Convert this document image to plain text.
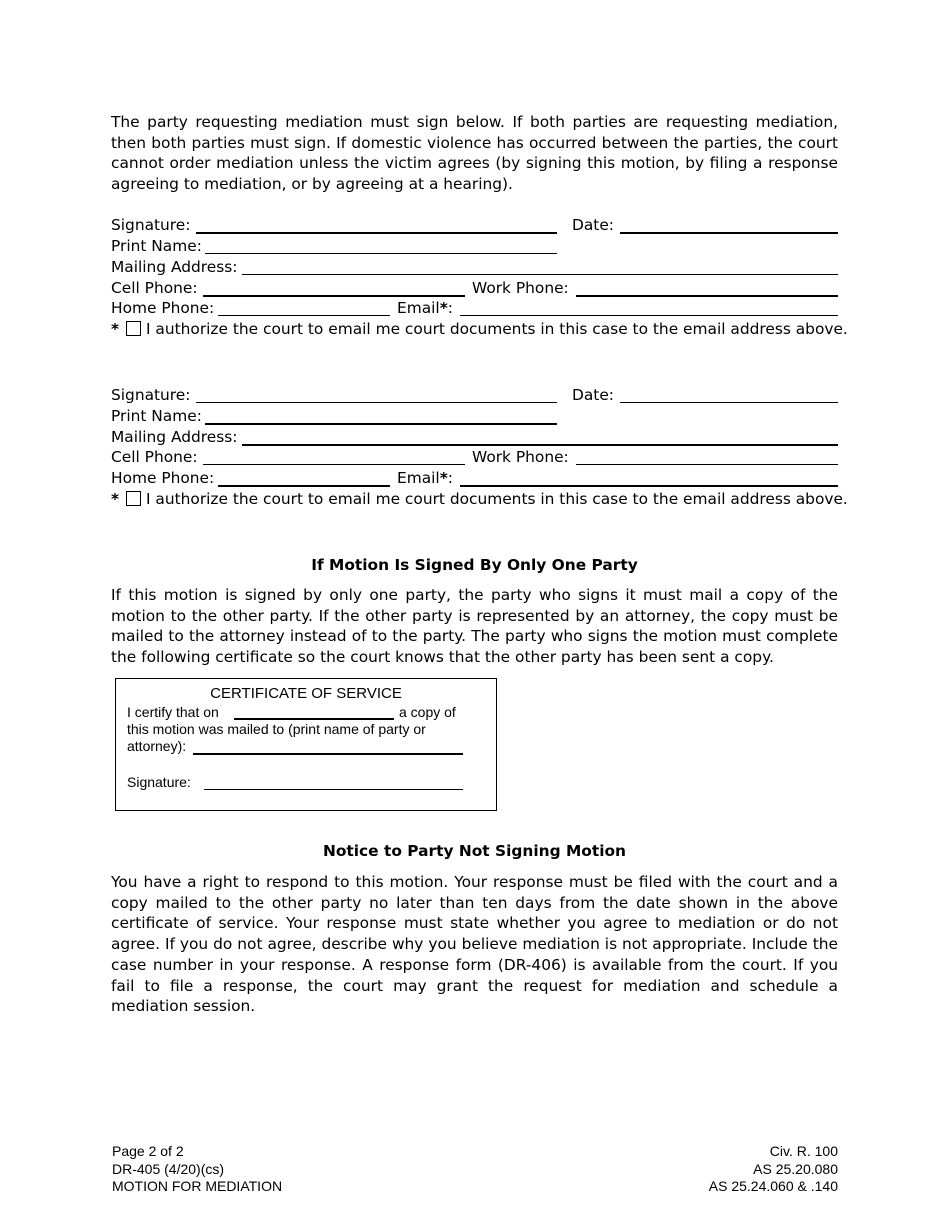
The party requesting mediation must sign below. If both parties are requesting mediation, then both parties must sign. If domestic violence has occurred between the parties, the court cannot order mediation unless the victim agrees (by signing this motion, by filing a response agreeing to mediation, or by agreeing at a hearing).
Signature:	Date:
Print Name:
Mailing Address:
Cell Phone:	Work Phone:
Home Phone:	Email*:
* I authorize the court to email me court documents in this case to the email address above.
Signature:	Date:
Print Name:
Mailing Address:
Cell Phone:	Work Phone:
Home Phone:	Email*:
* I authorize the court to email me court documents in this case to the email address above.
If Motion Is Signed By Only One Party
If this motion is signed by only one party, the party who signs it must mail a copy of the motion to the other party. If the other party is represented by an attorney, the copy must be mailed to the attorney instead of to the party. The party who signs the motion must complete the following certificate so the court knows that the other party has been sent a copy.
CERTIFICATE OF SERVICE
I certify that on	a copy of
this motion was mailed to (print name of party or
attorney):
Signature:
Notice to Party Not Signing Motion
You have a right to respond to this motion. Your response must be filed with the court and a copy mailed to the other party no later than ten days from the date shown in the above certificate of service. Your response must state whether you agree to mediation or do not agree. If you do not agree, describe why you believe mediation is not appropriate. Include the case number in your response. A response form (DR-406) is available from the court. If you fail to file a response, the court may grant the request for mediation and schedule a mediation session.
Page 2 of 2
DR-405 (4/20)(cs)
MOTION FOR MEDIATION
Civ. R. 100
AS 25.20.080
AS 25.24.060 & .140
